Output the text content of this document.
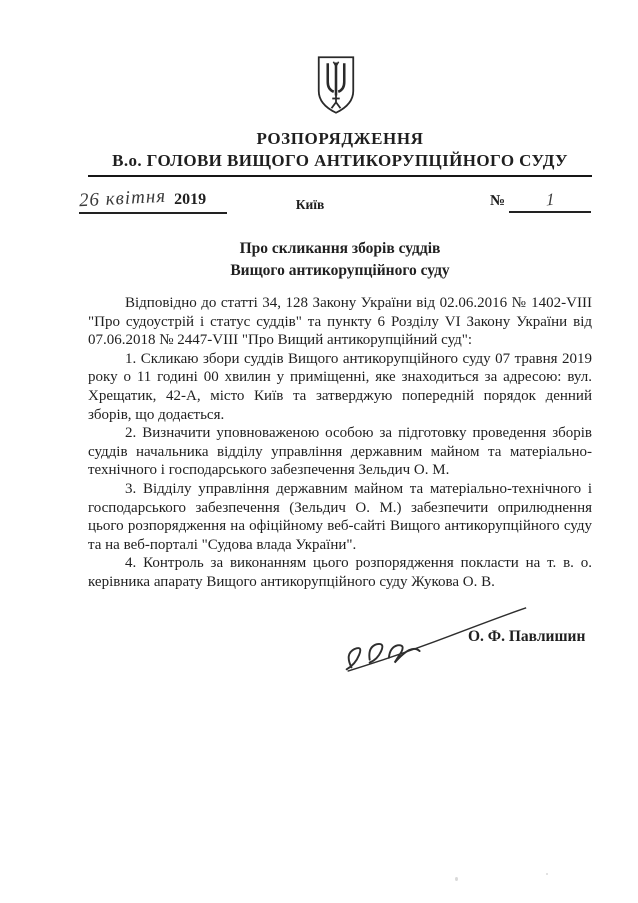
РОЗПОРЯДЖЕННЯ
В.о. ГОЛОВИ ВИЩОГО АНТИКОРУПЦІЙНОГО СУДУ
26 квітня 2019	Київ	№ 1
Про скликання зборів суддів
Вищого антикорупційного суду

Відповідно до статті 34, 128 Закону України від 02.06.2016 № 1402-VIII "Про судоустрій і статус суддів" та пункту 6 Розділу VI Закону України від 07.06.2018 № 2447-VIII "Про Вищий антикорупційний суд":

1. Скликаю збори суддів Вищого антикорупційного суду 07 травня 2019 року о 11 годині 00 хвилин у приміщенні, яке знаходиться за адресою: вул. Хрещатик, 42-А, місто Київ та затверджую попередній порядок денний зборів, що додається.

2. Визначити уповноваженою особою за підготовку проведення зборів суддів начальника відділу управління державним майном та матеріально-технічного і господарського забезпечення Зельдич О. М.

3. Відділу управління державним майном та матеріально-технічного і господарського забезпечення (Зельдич О. М.) забезпечити оприлюднення цього розпорядження на офіційному веб-сайті Вищого антикорупційного суду та на веб-порталі "Судова влада України".

4. Контроль за виконанням цього розпорядження покласти на т. в. о. керівника апарату Вищого антикорупційного суду Жукова О. В.

О. Ф. Павлишин
